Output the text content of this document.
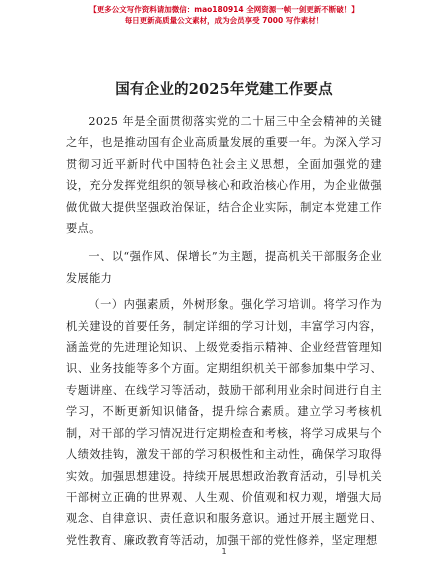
【更多公文写作资料请加微信：mao180914 全网资源一帧一剑更新不断破！】
每日更新高质量公文素材，成为会员享受 7000 写作素材！
国有企业的2025年党建工作要点

2025 年是全面贯彻落实党的二十届三中全会精神的关键之年，也是推动国有企业高质量发展的重要一年。为深入学习贯彻习近平新时代中国特色社会主义思想，全面加强党的建设，充分发挥党组织的领导核心和政治核心作用，为企业做强做优做大提供坚强政治保证，结合企业实际，制定本党建工作要点。

一、以“强作风、保增长”为主题，提高机关干部服务企业发展能力

（一）内强素质，外树形象。强化学习培训。将学习作为机关建设的首要任务，制定详细的学习计划，丰富学习内容，涵盖党的先进理论知识、上级党委指示精神、企业经营管理知识、业务技能等多个方面。定期组织机关干部参加集中学习、专题讲座、在线学习等活动，鼓励干部利用业余时间进行自主学习，不断更新知识储备，提升综合素质。建立学习考核机制，对干部的学习情况进行定期检查和考核，将学习成果与个人绩效挂钩，激发干部的学习积极性和主动性，确保学习取得实效。加强思想建设。持续开展思想政治教育活动，引导机关干部树立正确的世界观、人生观、价值观和权力观，增强大局观念、自律意识、责任意识和服务意识。通过开展主题党日、党性教育、廉政教育等活动，加强干部的党性修养，坚定理想

1
